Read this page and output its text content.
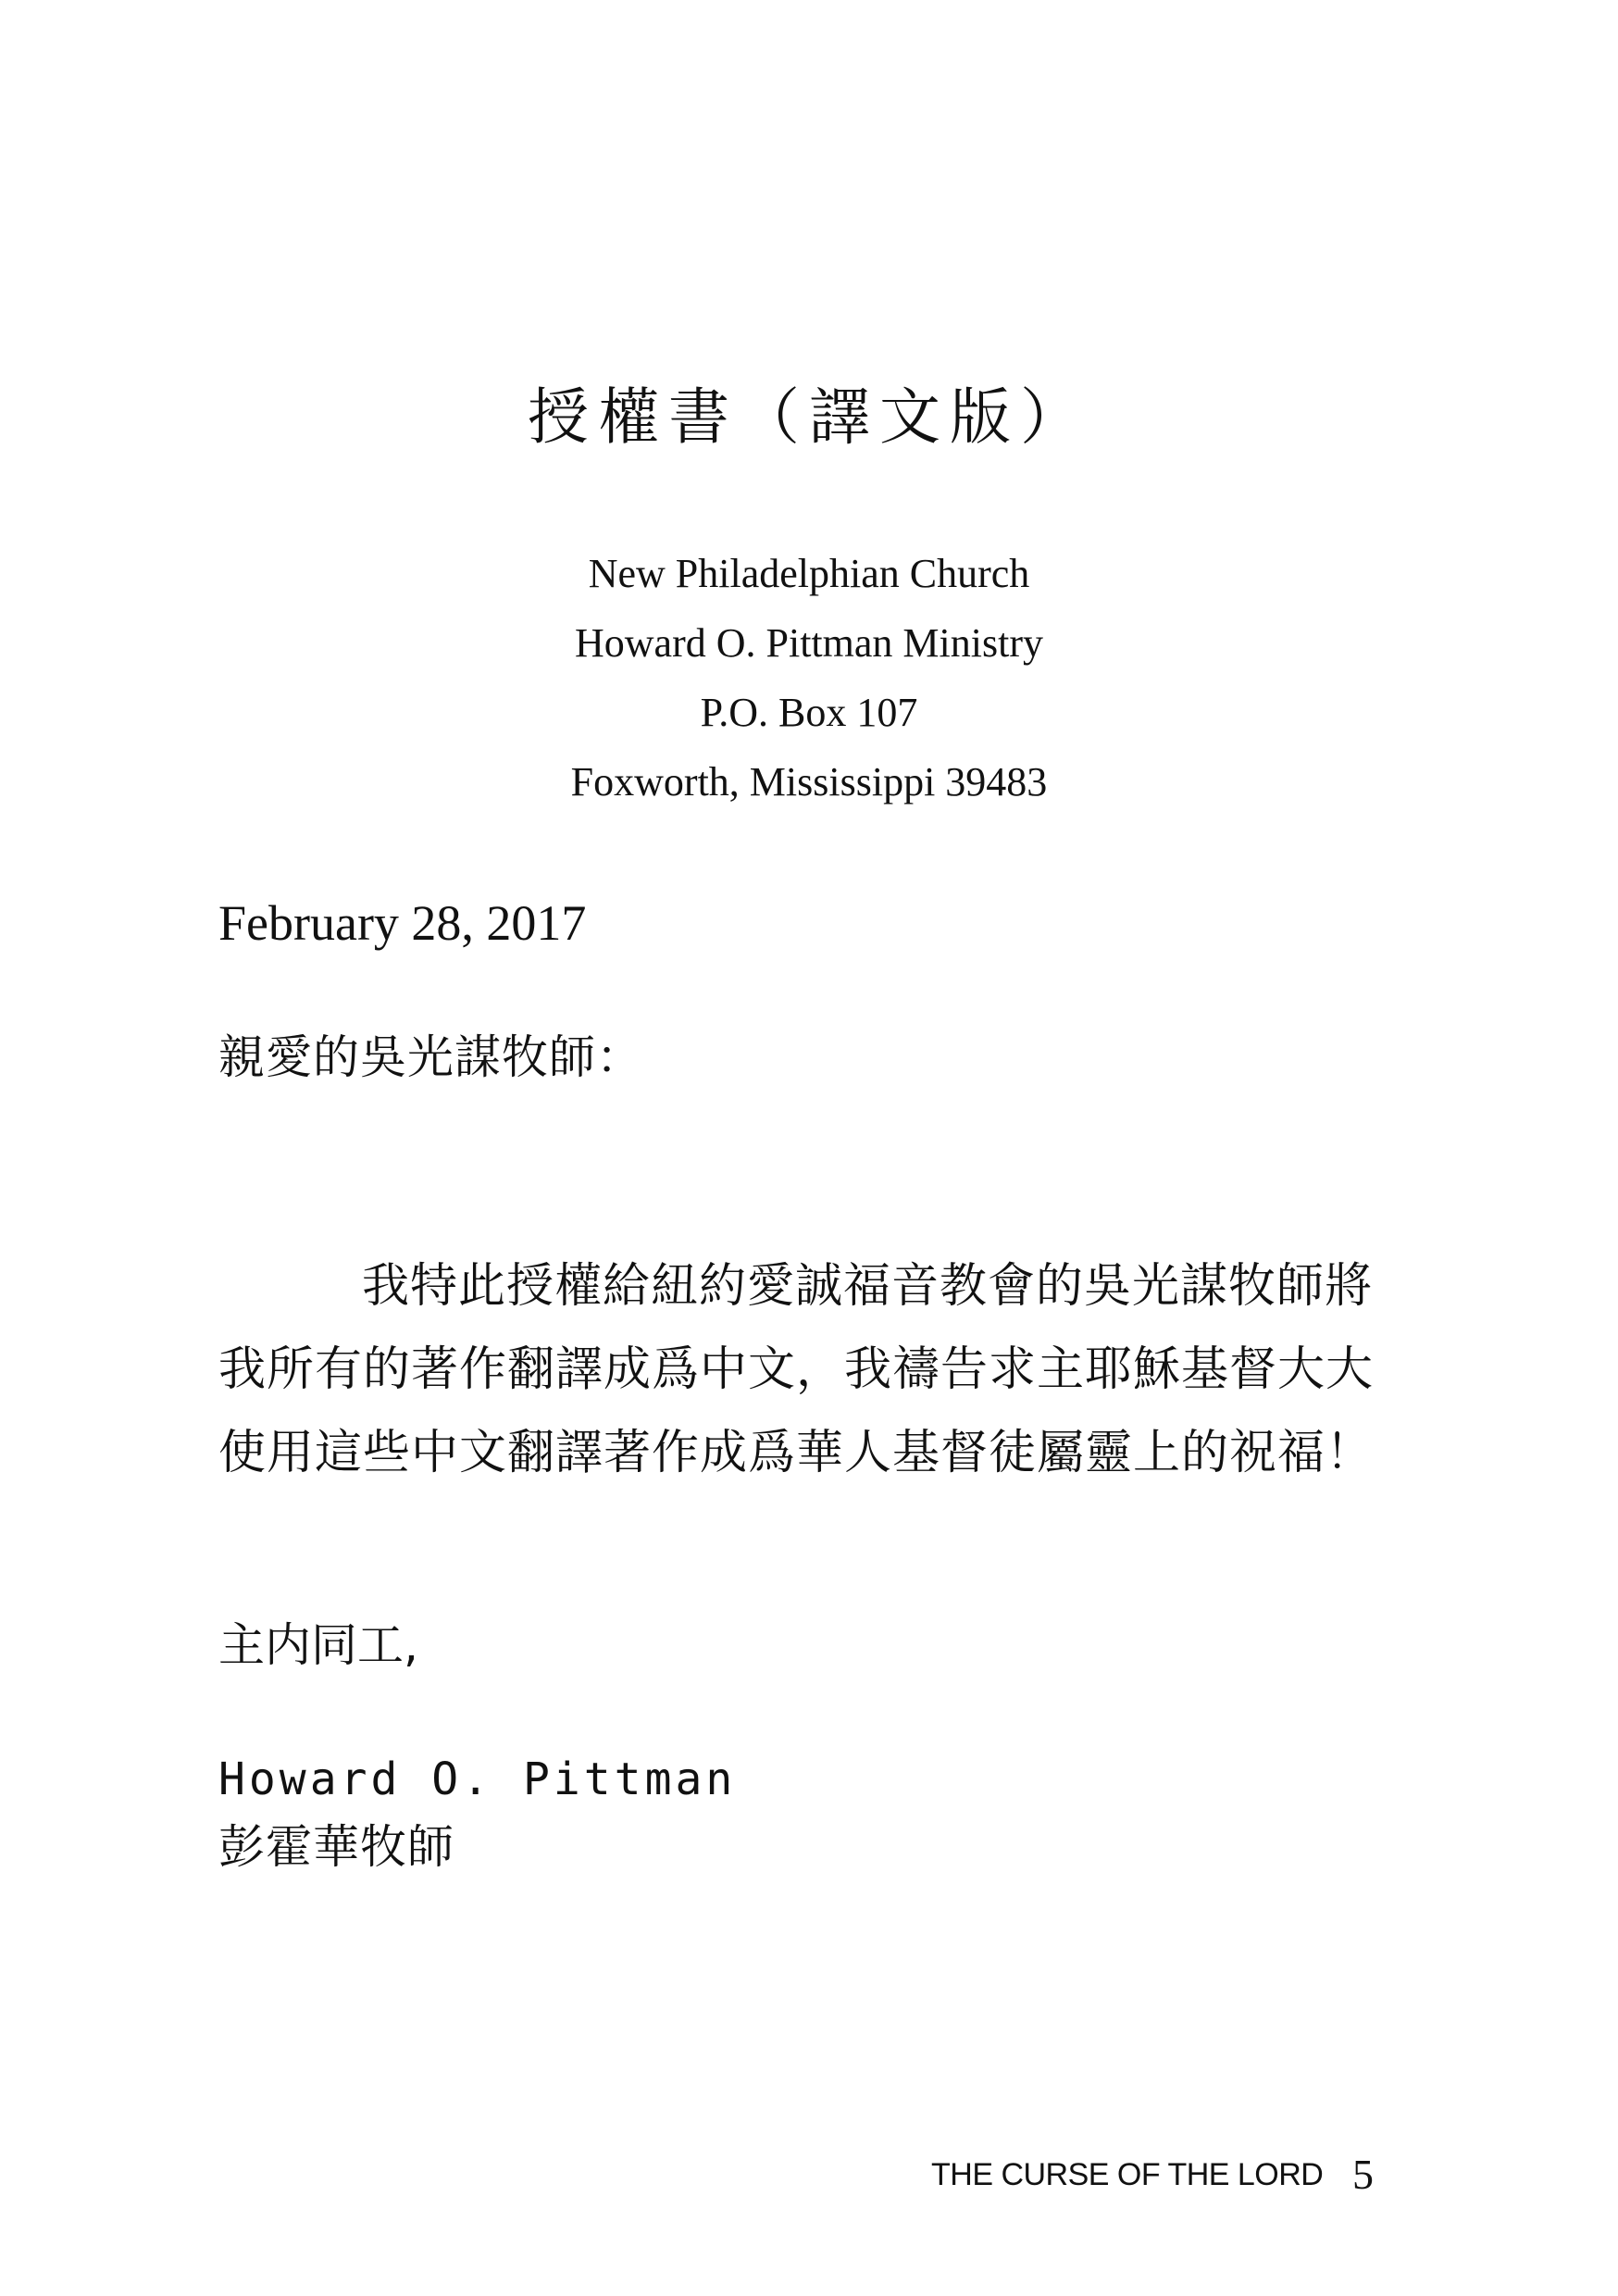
授權書（譯文版）
New Philadelphian Church
Howard O. Pittman Ministry
P.O. Box 107
Foxworth, Mississippi 39483
February 28, 2017
親愛的吳光謀牧師：
我特此授權給紐約愛誠福音教會的吳光謀牧師將
我所有的著作翻譯成爲中文，我禱告求主耶穌基督大大
使用這些中文翻譯著作成爲華人基督徒屬靈上的祝福！
主内同工,
Howard O. Pittman
彭霍華牧師
THE CURSE OF THE LORD 5
